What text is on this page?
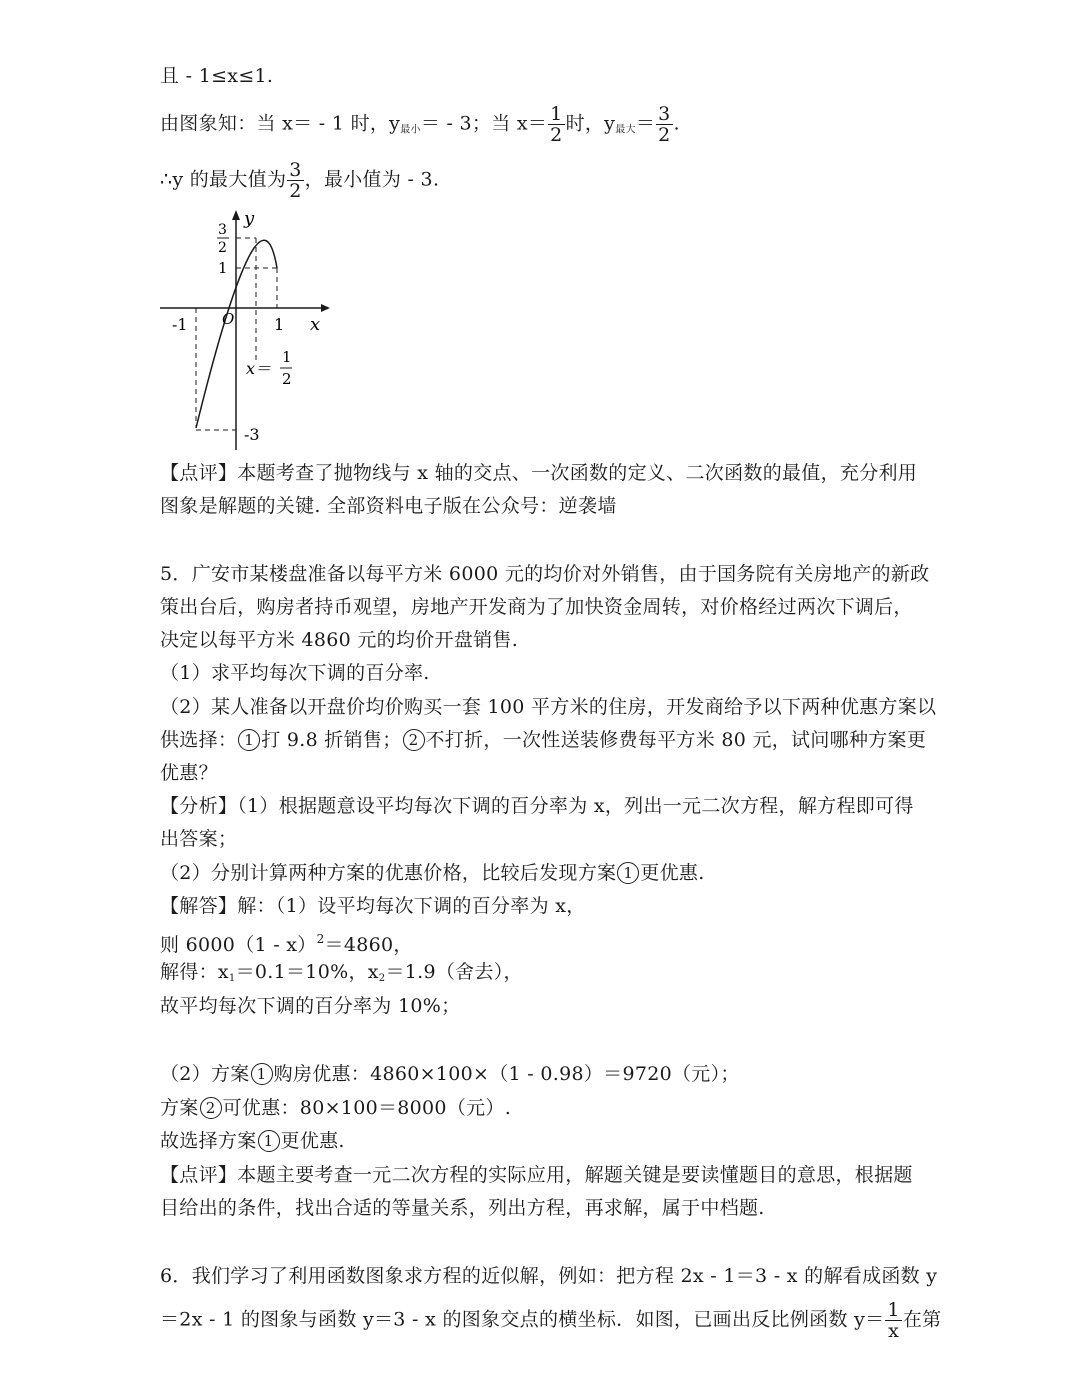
且 - 1≤x≤1.
由图象知：当 x＝ - 1 时，$y_{最小}= - 3$；当 $x= \frac{1}{2}$ 时，$y_{最大}= \frac{3}{2}$ .
∴y 的最大值为 $\frac{3}{2}$ ，最小值为 - 3.
y
x
O
3
2
1
-1	1
-3
x＝
1
2
【点评】本题考查了抛物线与 x 轴的交点、一次函数的定义、二次函数的最值，充分利用
图象是解题的关键. 全部资料电子版在公众号：逆袭墙
5．广安市某楼盘准备以每平方米 6000 元的均价对外销售，由于国务院有关房地产的新政
策出台后，购房者持币观望，房地产开发商为了加快资金周转，对价格经过两次下调后，
决定以每平方米 4860 元的均价开盘销售.
（1）求平均每次下调的百分率.
（2）某人准备以开盘价均价购买一套 100 平方米的住房，开发商给予以下两种优惠方案以
供选择： 1 打 9.8 折销售； 2 不打折，一次性送装修费每平方米 80 元，试问哪种方案更
优惠？
【分析】（1）根据题意设平均每次下调的百分率为 x，列出一元二次方程，解方程即可得
出答案；
（2）分别计算两种方案的优惠价格，比较后发现方案 1 更优惠.
【解答】解：（1）设平均每次下调的百分率为 x，
则 6000（1 - x）$^2$＝4860，
解得：$x_1=0.1=10\%$，$x_2=1.9$（舍去），
故平均每次下调的百分率为 10%；
（2）方案 1 购房优惠：4860×100×（1 - 0.98）＝9720（元）；
方案 2 可优惠：80×100＝8000（元）.
故选择方案 1 更优惠.
【点评】本题主要考查一元二次方程的实际应用，解题关键是要读懂题目的意思，根据题
目给出的条件，找出合适的等量关系，列出方程，再求解，属于中档题.
6．我们学习了利用函数图象求方程的近似解，例如：把方程 2x - 1＝3 - x 的解看成函数 y
＝2x - 1 的图象与函数 y＝3 - x 的图象交点的横坐标．如图，已画出反比例函数 $y= \frac{1}{x}$ 在第
